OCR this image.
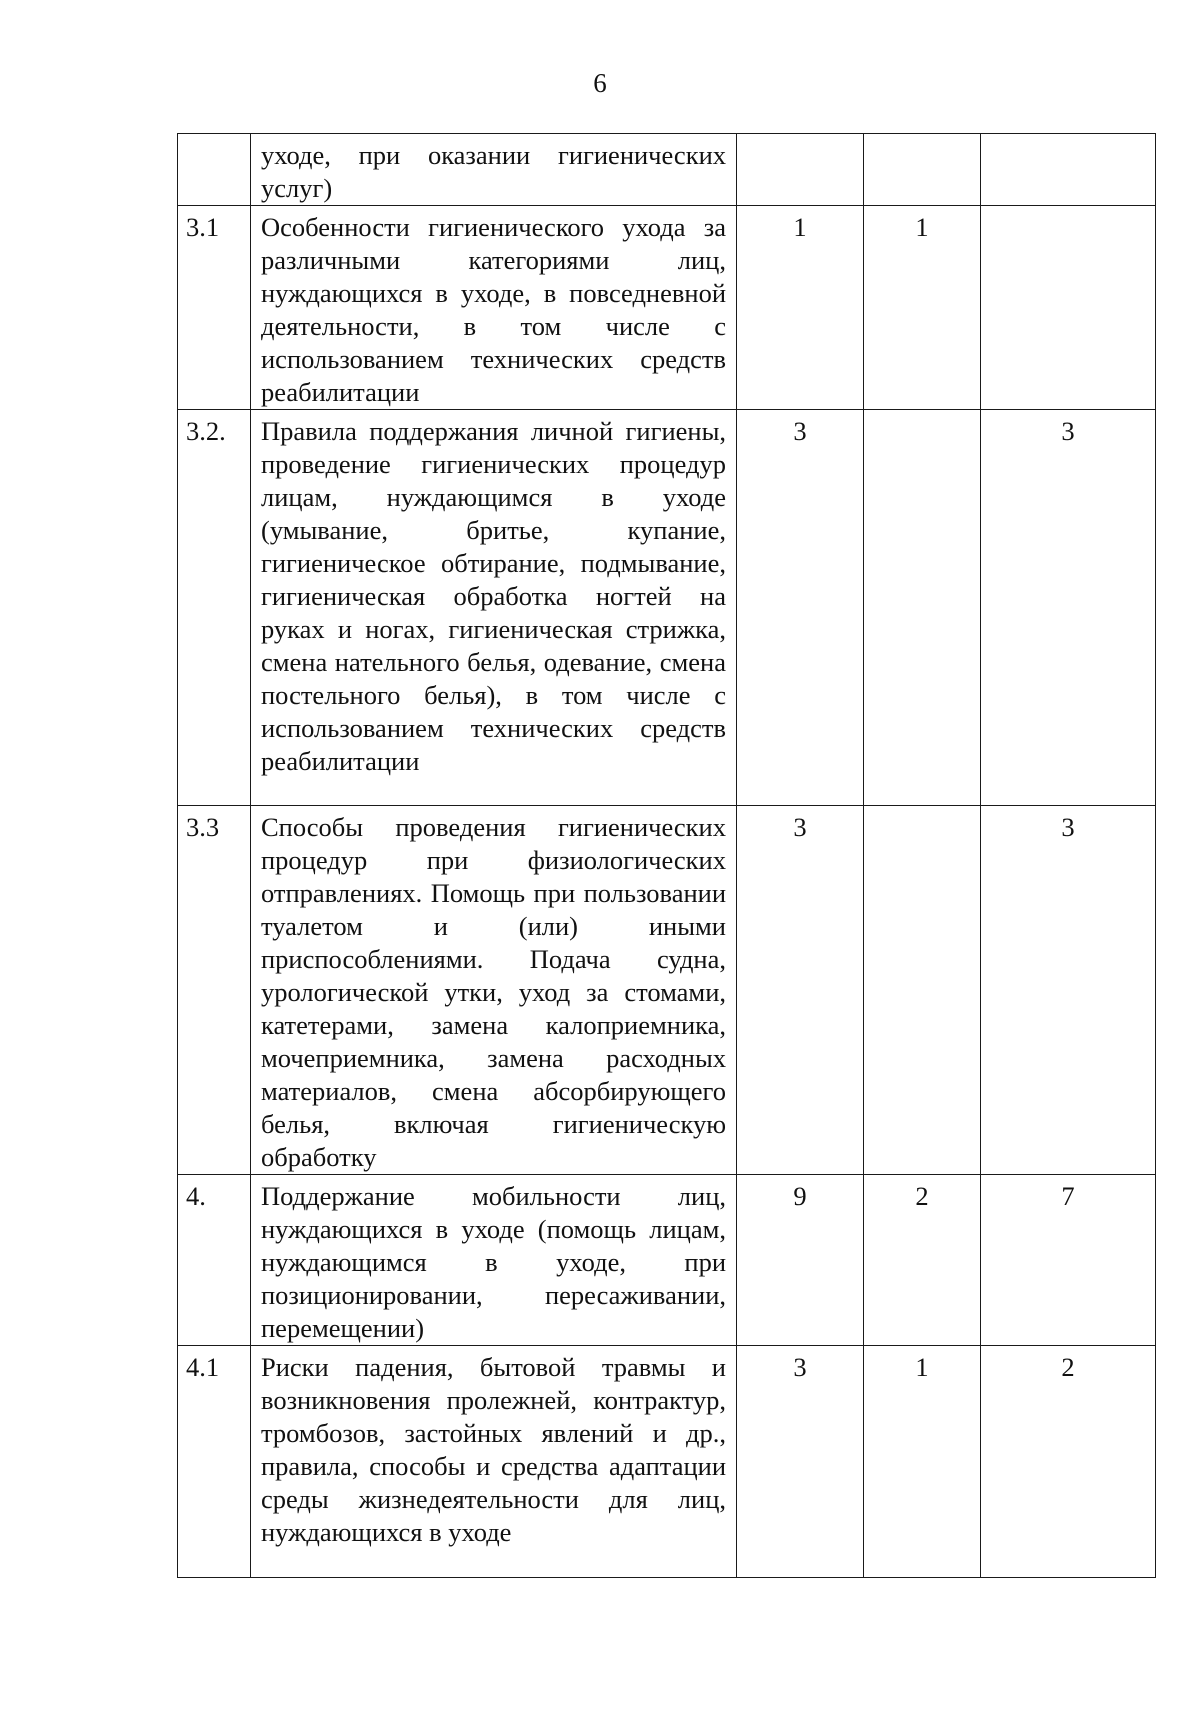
6

	уходе, при оказании гигиенических услуг)			

3.1	Особенности гигиенического ухода за различными категориями лиц, нуждающихся в уходе, в повседневной деятельности, в том числе с использованием технических средств реабилитации	1	1	
3.2.	Правила поддержания личной гигиены, проведение гигиенических процедур лицам, нуждающимся в уходе (умывание, бритье, купание, гигиеническое обтирание, подмывание, гигиеническая обработка ногтей на руках и ногах, гигиеническая стрижка, смена нательного белья, одевание, смена постельного белья), в том числе с использованием технических средств реабилитации	3		3
3.3	Способы проведения гигиенических процедур при физиологических отправлениях. Помощь при пользовании туалетом и (или) иными приспособлениями. Подача судна, урологической утки, уход за стомами, катетерами, замена калоприемника, мочеприемника, замена расходных материалов, смена абсорбирующего белья, включая гигиеническую обработку	3		3
4.	Поддержание мобильности лиц, нуждающихся в уходе (помощь лицам, нуждающимся в уходе, при позиционировании, пересаживании, перемещении)	9	2	7
4.1	Риски падения, бытовой травмы и возникновения пролежней, контрактур, тромбозов, застойных явлений и др., правила, способы и средства адаптации среды жизнедеятельности для лиц, нуждающихся в уходе	3	1	2
